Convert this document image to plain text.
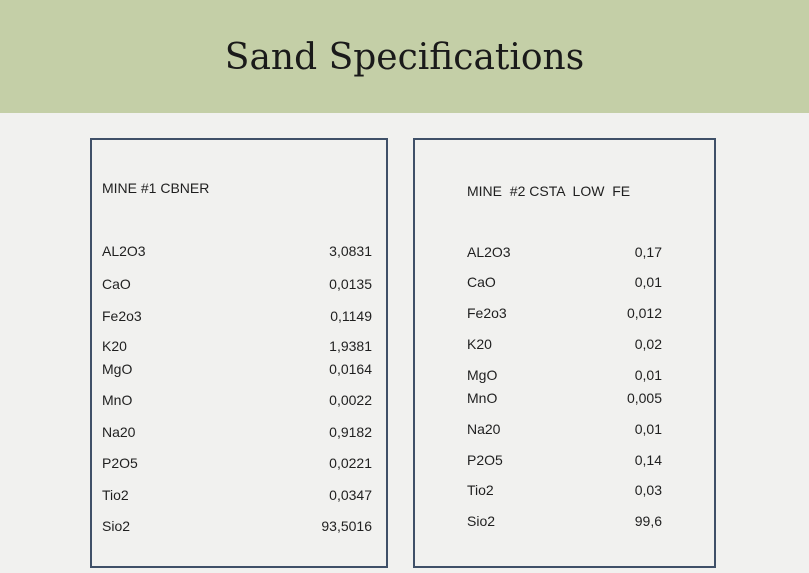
Sand Specifications
MINE #1 CBNER
AL2O3	3,0831
CaO	0,0135
Fe2o3	0,1149
K20	1,9381
MgO	0,0164
MnO	0,0022
Na20	0,9182
P2O5	0,0221
Tio2	0,0347
Sio2	93,5016
MINE  #2 CSTA  LOW  FE
AL2O3	0,17
CaO	0,01
Fe2o3	0,012
K20	0,02
MgO	0,01
MnO	0,005
Na20	0,01
P2O5	0,14
Tio2	0,03
Sio2	99,6
